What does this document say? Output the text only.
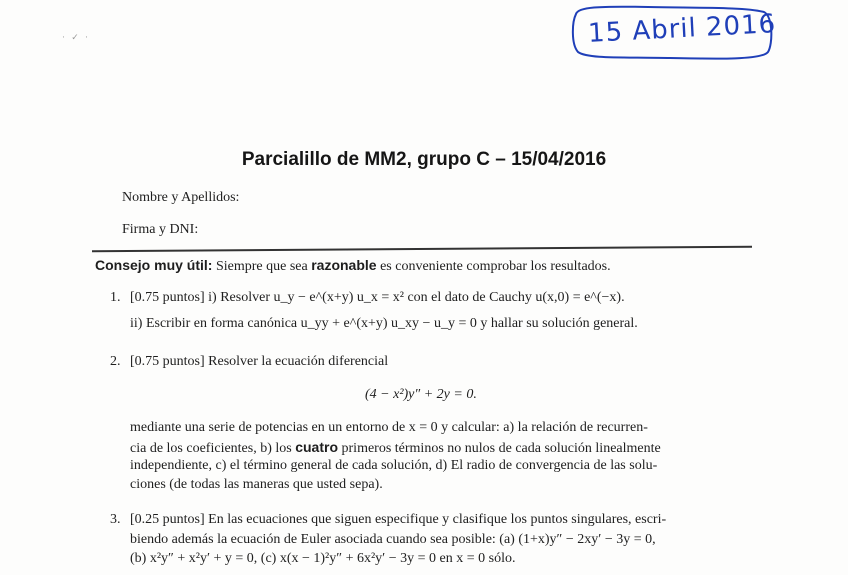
15 Abril 2016
· ✓ ·
Parcialillo de MM2, grupo C – 15/04/2016
Nombre y Apellidos:
Firma y DNI:
Consejo muy útil: Siempre que sea razonable es conveniente comprobar los resultados.
1. [0.75 puntos] i) Resolver u_y − e^(x+y) u_x = x² con el dato de Cauchy u(x,0) = e^(−x).
ii) Escribir en forma canónica u_yy + e^(x+y) u_xy − u_y = 0 y hallar su solución general.
2. [0.75 puntos] Resolver la ecuación diferencial
(4 − x²)y″ + 2y = 0.
mediante una serie de potencias en un entorno de x = 0 y calcular: a) la relación de recurren-
cia de los coeficientes, b) los cuatro primeros términos no nulos de cada solución linealmente
independiente, c) el término general de cada solución, d) El radio de convergencia de las solu-
ciones (de todas las maneras que usted sepa).
3. [0.25 puntos] En las ecuaciones que siguen especifique y clasifique los puntos singulares, escri-
biendo además la ecuación de Euler asociada cuando sea posible: (a) (1+x)y″ − 2xy′ − 3y = 0,
(b) x²y″ + x²y′ + y = 0, (c) x(x − 1)²y″ + 6x²y′ − 3y = 0 en x = 0 sólo.
